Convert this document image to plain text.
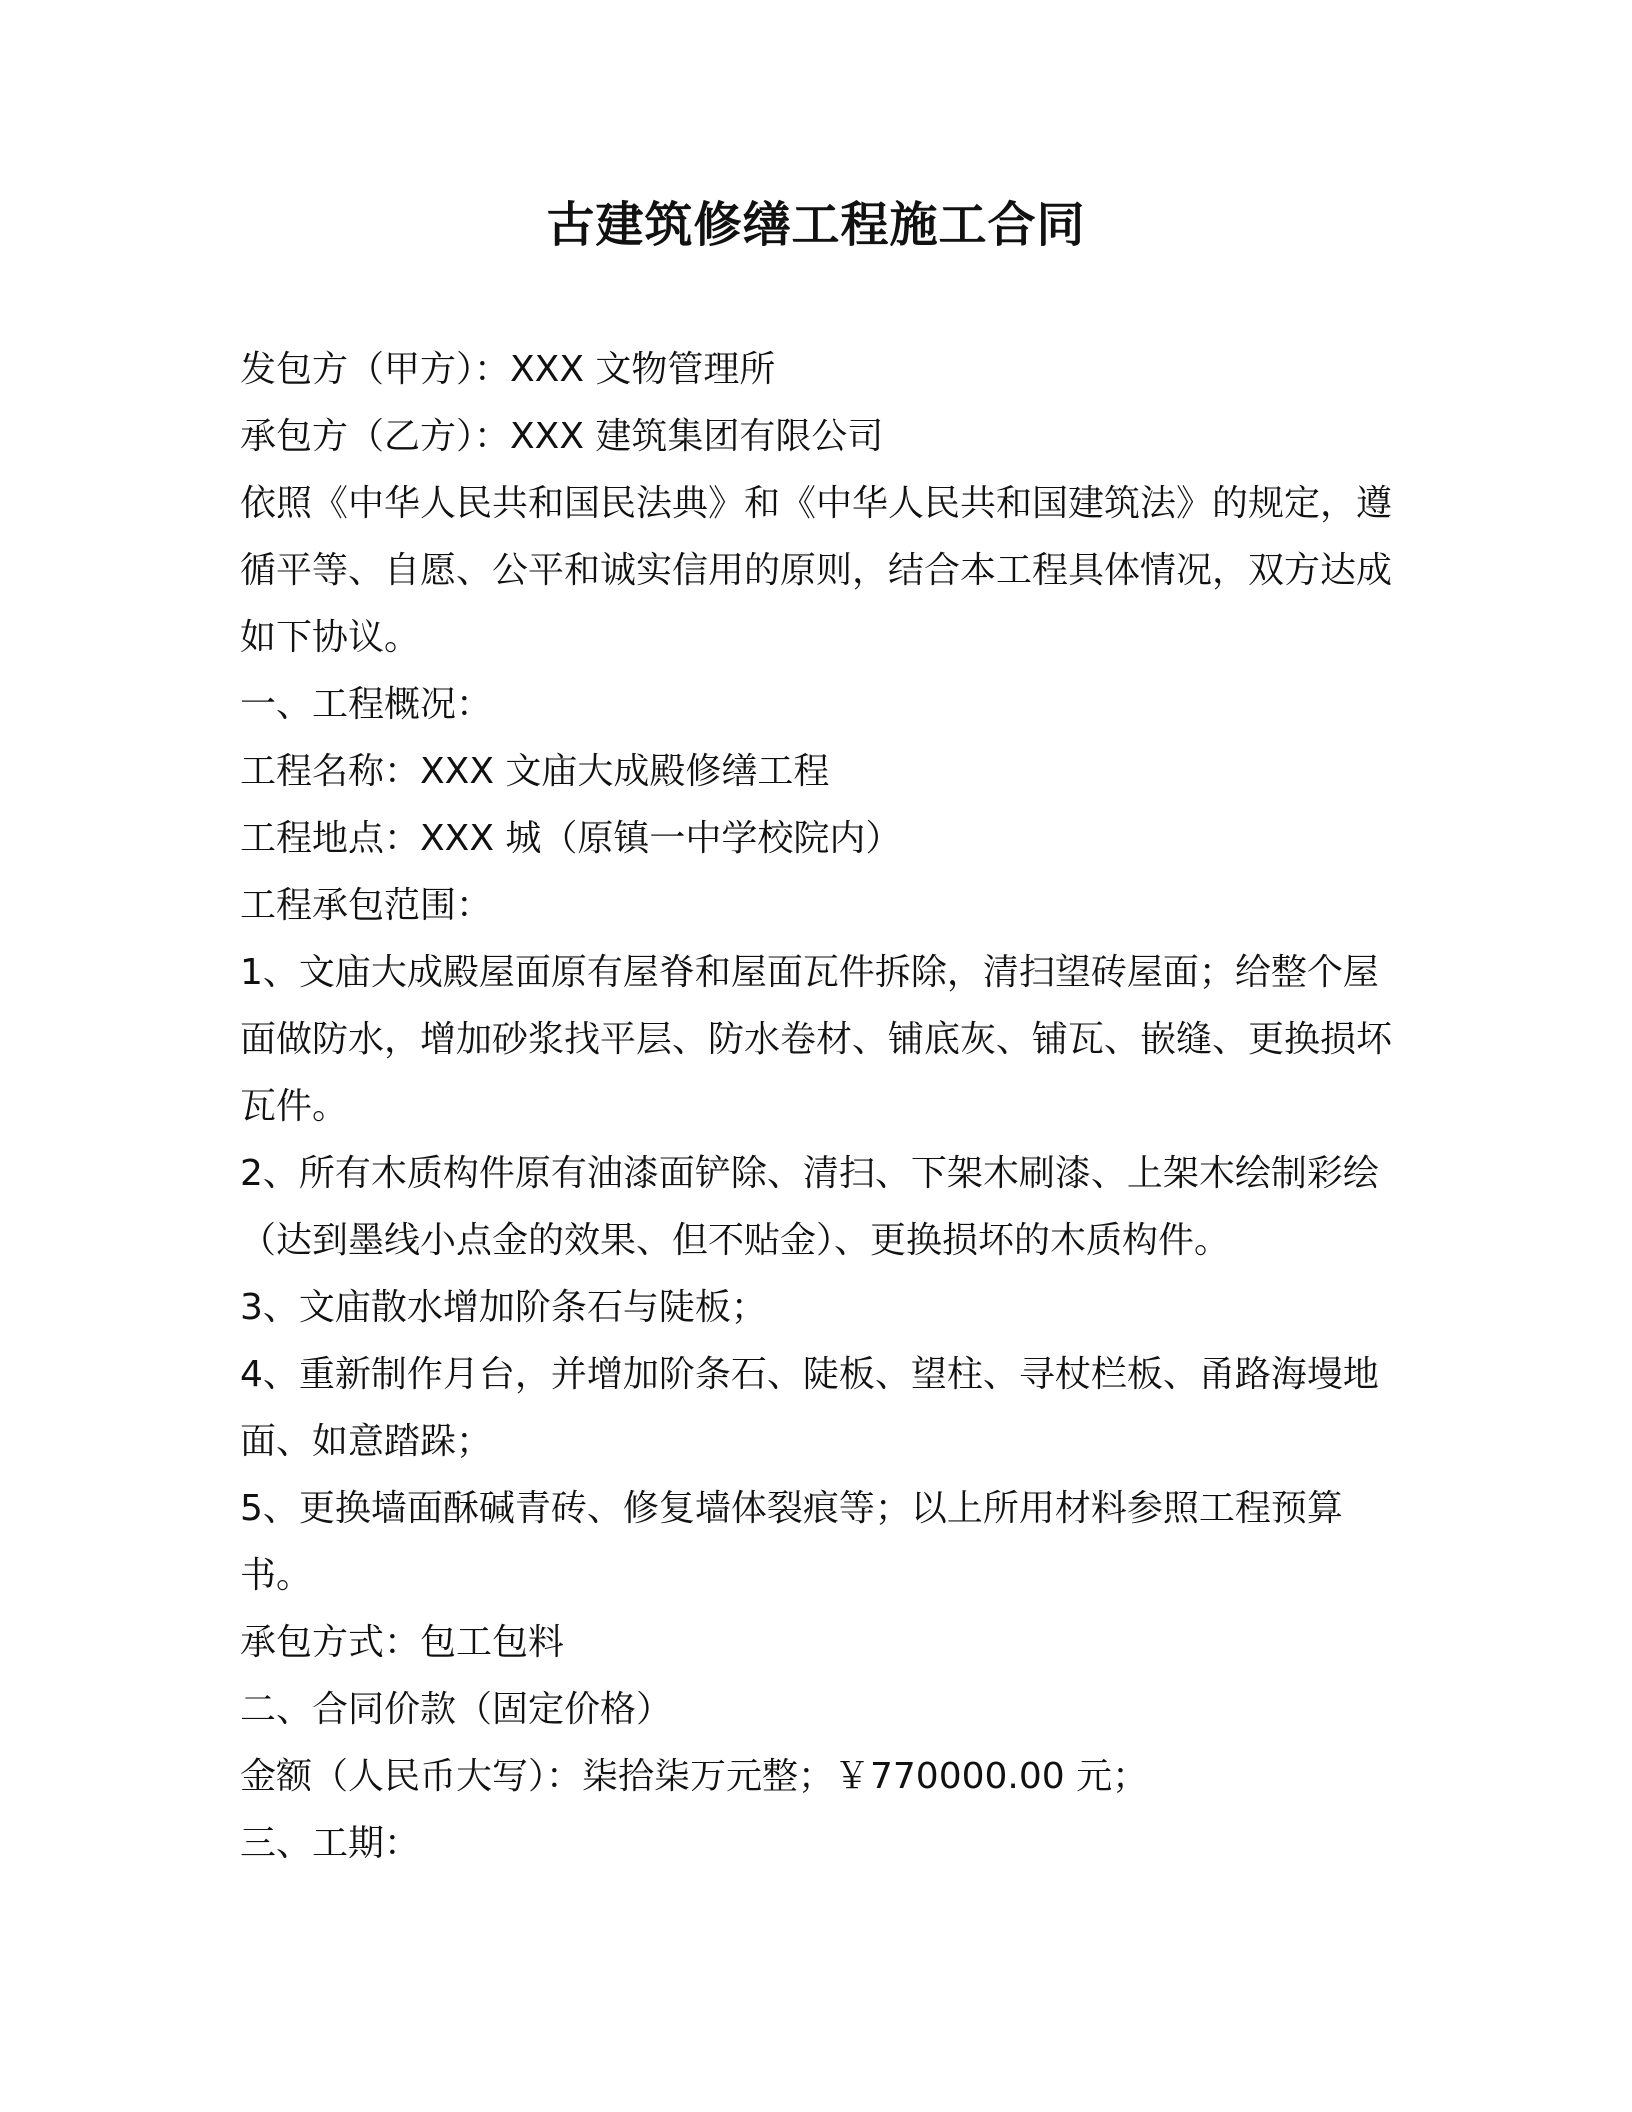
古建筑修缮工程施工合同

发包方（甲方）：XXX 文物管理所

承包方（乙方）：XXX 建筑集团有限公司

依照《中华人民共和国民法典》和《中华人民共和国建筑法》的规定，遵循平等、自愿、公平和诚实信用的原则，结合本工程具体情况，双方达成如下协议。

一、工程概况：

工程名称：XXX 文庙大成殿修缮工程

工程地点：XXX 城（原镇一中学校院内）

工程承包范围：

1、文庙大成殿屋面原有屋脊和屋面瓦件拆除，清扫望砖屋面；给整个屋面做防水，增加砂浆找平层、防水卷材、铺底灰、铺瓦、嵌缝、更换损坏瓦件。

2、所有木质构件原有油漆面铲除、清扫、下架木刷漆、上架木绘制彩绘（达到墨线小点金的效果、但不贴金）、更换损坏的木质构件。

3、文庙散水增加阶条石与陡板；

4、重新制作月台，并增加阶条石、陡板、望柱、寻杖栏板、甬路海墁地面、如意踏跺；

5、更换墙面酥碱青砖、修复墙体裂痕等；以上所用材料参照工程预算书。

承包方式：包工包料

二、合同价款（固定价格）

金额（人民币大写）：柒拾柒万元整；￥770000.00 元；

三、工期：
